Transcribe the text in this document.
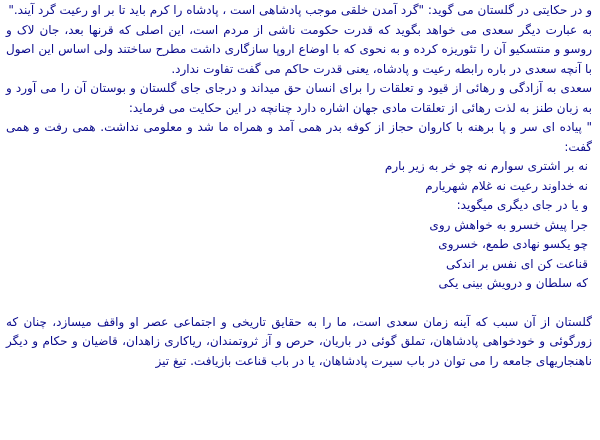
و در حکایتی در گلستان می گوید: "گرد آمدن خلقی موجب پادشاهی است ، پادشاه را کرم باید تا بر او رعیت گرد آیند."

به عبارت دیگر سعدی می خواهد بگوید که قدرت حکومت ناشی از مردم است، این اصلی که قرنها بعد، جان لاک و روسو و منتسکیو آن را تئوریزه کرده و به نحوی که با اوضاع اروپا سازگاری داشت مطرح ساختند ولی اساس این اصول با آنچه سعدی در باره رابطه رعیت و پادشاه، یعنی قدرت حاکم می گفت تفاوت ندارد.

سعدی به آزادگی و رهائی از قیود و تعلقات را برای انسان حق میداند و درجای جای گلستان و بوستان آن را می آورد و به زبان طنز به لذت رهائی از تعلقات مادی جهان اشاره دارد چنانچه در این حکایت می فرماید:

" پیاده ای سر و پا برهنه با کاروان حجاز از کوفه بدر همی آمد و همراه ما شد و معلومی نداشت. همی رفت و همی گفت:

نه بر اشتری سوارم نه چو خر به زیر بارم

نه خداوند رعیت نه غلام شهریارم

و یا در جای دیگری میگوید:

جرا پیش خسرو به خواهش روی

چو یکسو نهادی طمع، خسروی

قناعت کن ای نفس بر اندکی

که سلطان و درویش بینی یکی

گلستان از آن سبب که آینه زمان سعدی است، ما را به حقایق تاریخی و اجتماعی عصر او واقف میسازد، چنان که زورگوئی و خودخواهی پادشاهان، تملق گوئی در باریان، حرص و آز ثروتمندان، ریاکاری زاهدان، قاضیان و حکام و دیگر ناهنجاریهای جامعه را می توان در باب سیرت پادشاهان، یا در باب قناعت بازیافت. تیغ تیز
